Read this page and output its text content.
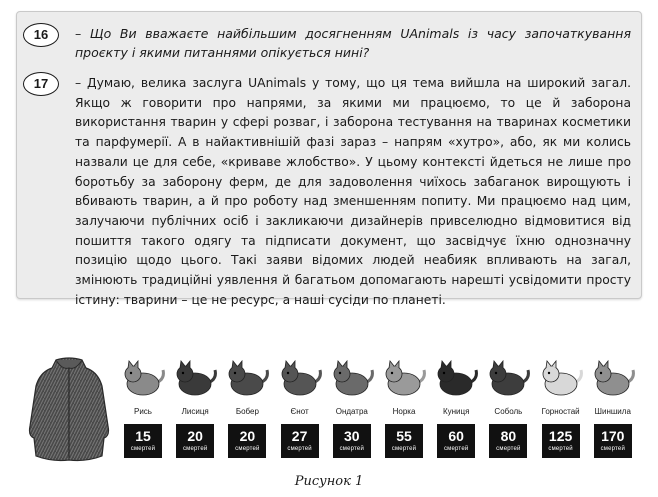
16	– Що Ви вважаєте найбільшим досягненням UAnimals із часу започаткування проєкту і якими питаннями опікується нині?

17	– Думаю, велика заслуга UAnimals у тому, що ця тема вийшла на широкий загал. Якщо ж говорити про напрями, за якими ми працюємо, то це й заборона використання тварин у сфері розваг, і заборона тестування на тваринах косметики та парфумерії. А в найактивнішій фазі зараз – напрям «хутро», або, як ми колись назвали це для себе, «криваве жлобство». У цьому контексті йдеться не лише про боротьбу за заборону ферм, де для задоволення чиїхось забаганок вирощують і вбивають тварин, а й про роботу над зменшенням попиту. Ми працюємо над цим, залучаючи публічних осіб і закликаючи дизайнерів привселюдно відмовитися від пошиття такого одягу та підписати документ, що засвідчує їхню однозначну позицію щодо цього. Такі заяви відомих людей неабияк впливають на загал, змінюють традиційні уявлення й багатьом допомагають нарешті усвідомити просту істину: тварини – це не ресурс, а наші сусіди по планеті.

Рись
15
смертей
Лисиця
20
смертей
Бобер
20
смертей
Єнот
27
смертей
Ондатра
30
смертей
Норка
55
смертей
Куниця
60
смертей
Соболь
80
смертей
Горностай
125
смертей
Шиншила
170
смертей
Рисунок 1
